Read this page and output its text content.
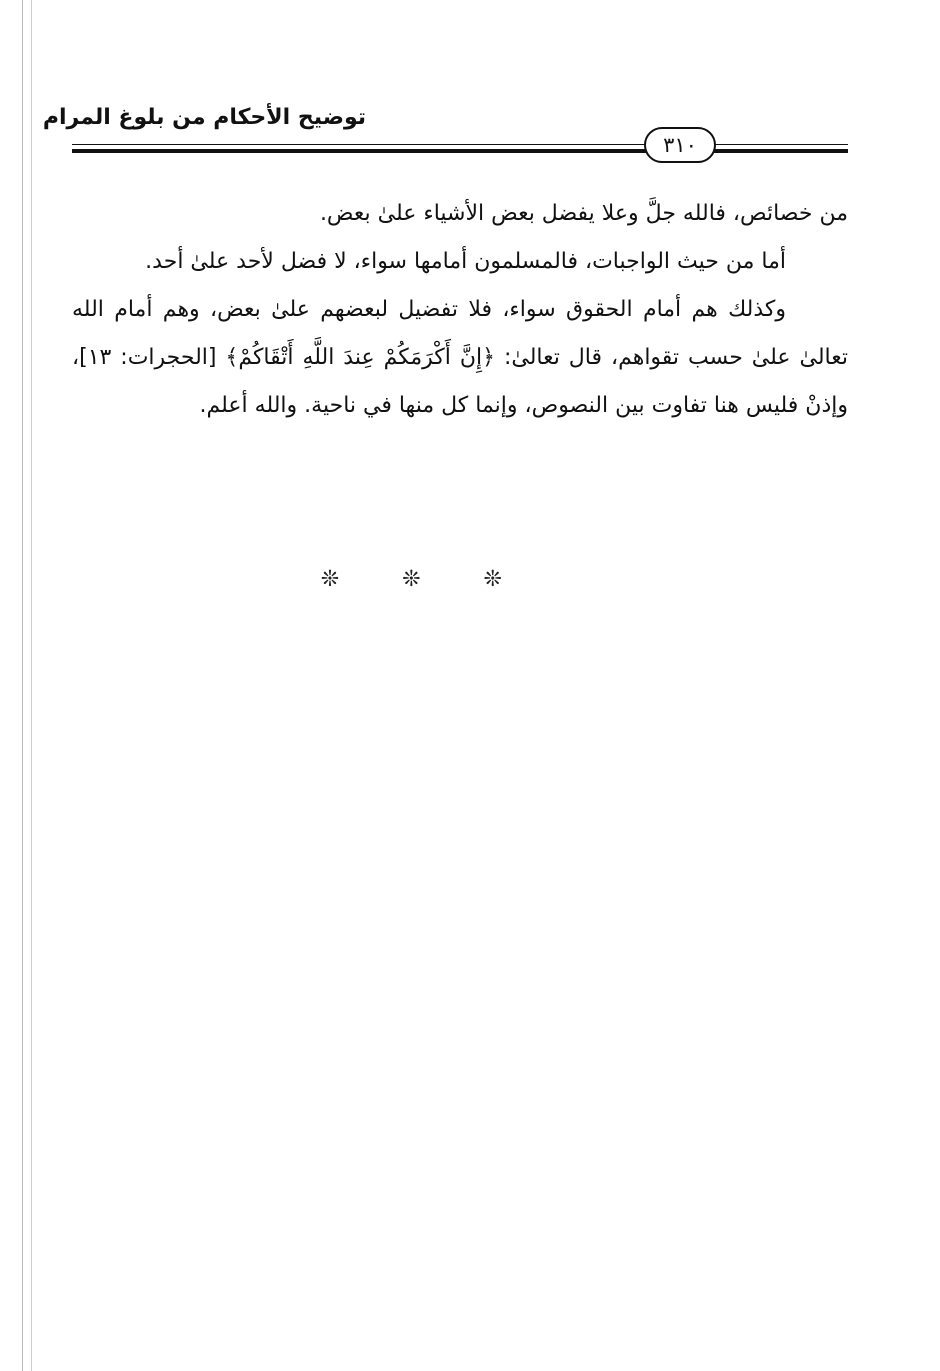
توضيح الأحكام من بلوغ المرام
٣١٠

من خصائص، فالله جلَّ وعلا يفضل بعض الأشياء علىٰ بعض.

أما من حيث الواجبات، فالمسلمون أمامها سواء، لا فضل لأحد علىٰ أحد.

وكذلك هم أمام الحقوق سواء، فلا تفضيل لبعضهم علىٰ بعض، وهم أمام الله تعالىٰ علىٰ حسب تقواهم، قال تعالىٰ: ﴿إِنَّ أَكْرَمَكُمْ عِندَ اللَّهِ أَتْقَاكُمْ﴾ [الحجرات: ١٣]، وإذنْ فليس هنا تفاوت بين النصوص، وإنما كل منها في ناحية. والله أعلم.

❊ ❊ ❊
